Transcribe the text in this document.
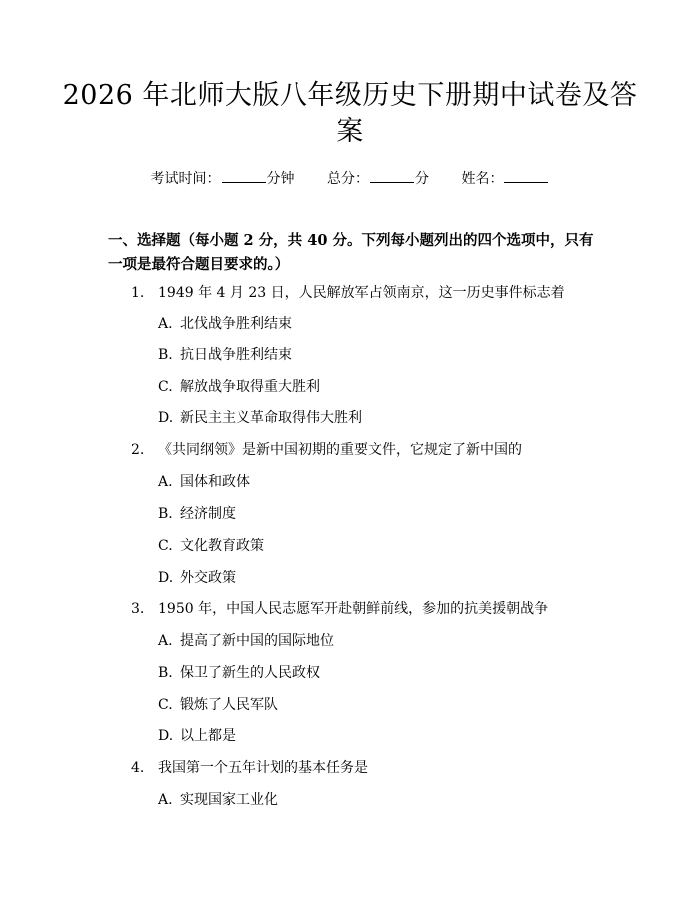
2026 年北师大版八年级历史下册期中试卷及答案
考试时间：	分钟 总分：	分 姓名：
一、选择题（每小题 2 分，共 40 分。下列每小题列出的四个选项中，只有一项是最符合题目要求的。）
1. 1949 年 4 月 23 日，人民解放军占领南京，这一历史事件标志着
A. 北伐战争胜利结束
B. 抗日战争胜利结束
C. 解放战争取得重大胜利
D. 新民主主义革命取得伟大胜利
2. 《共同纲领》是新中国初期的重要文件，它规定了新中国的
A. 国体和政体
B. 经济制度
C. 文化教育政策
D. 外交政策
3. 1950 年，中国人民志愿军开赴朝鲜前线，参加的抗美援朝战争
A. 提高了新中国的国际地位
B. 保卫了新生的人民政权
C. 锻炼了人民军队
D. 以上都是
4. 我国第一个五年计划的基本任务是
A. 实现国家工业化
